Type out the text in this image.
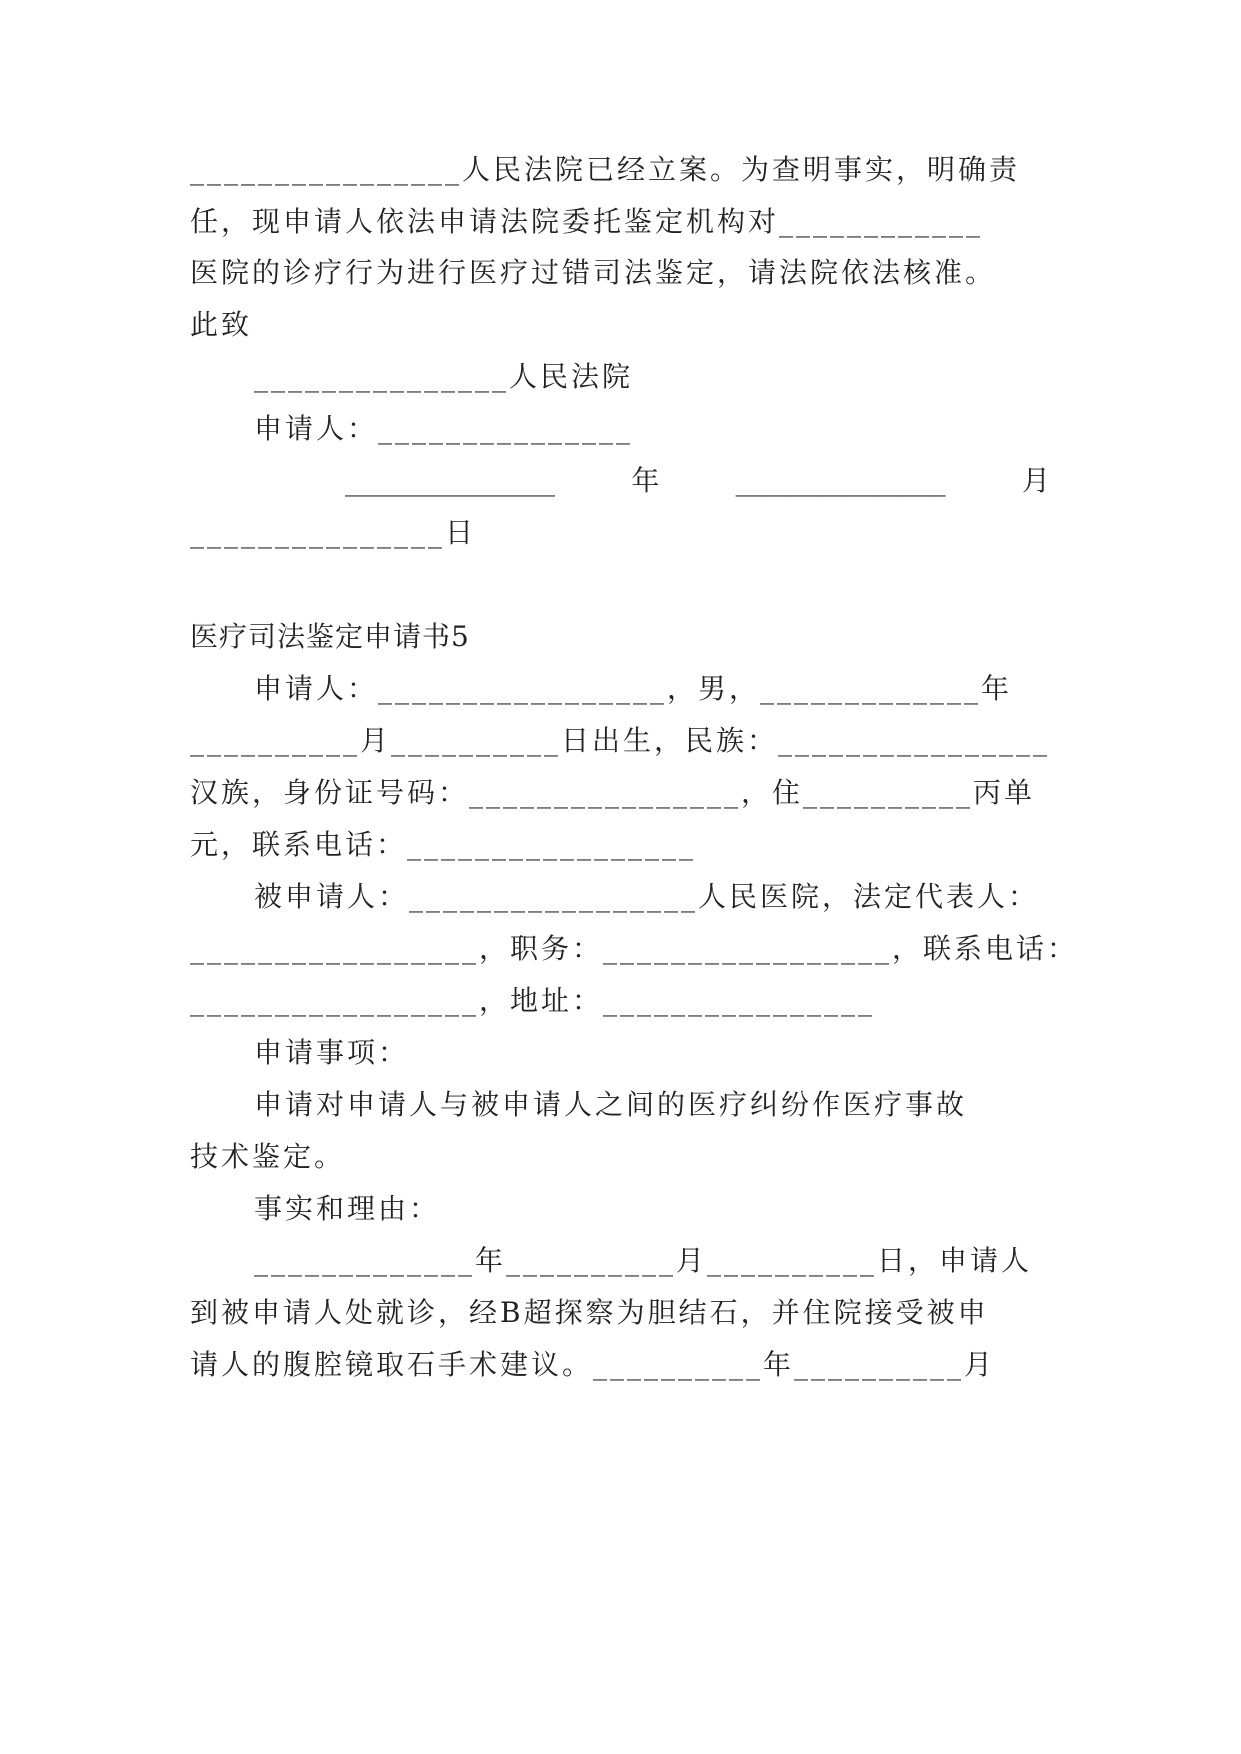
________________人民法院已经立案。为查明事实，明确责
任，现申请人依法申请法院委托鉴定机构对____________
医院的诊疗行为进行医疗过错司法鉴定，请法院依法核准。
此致
_______________人民法院
申请人：_______________
_______________	年	_______________	月
_______________日
医疗司法鉴定申请书5
申请人：_________________，男，_____________年
__________月__________日出生，民族：________________
汉族，身份证号码：________________，住__________丙单
元，联系电话：_________________
被申请人：_________________人民医院，法定代表人：
_________________，职务：_________________，联系电话：
_________________，地址：________________
申请事项：
申请对申请人与被申请人之间的医疗纠纷作医疗事故
技术鉴定。
事实和理由：
_____________年__________月__________日，申请人
到被申请人处就诊，经B超探察为胆结石，并住院接受被申
请人的腹腔镜取石手术建议。__________年__________月
